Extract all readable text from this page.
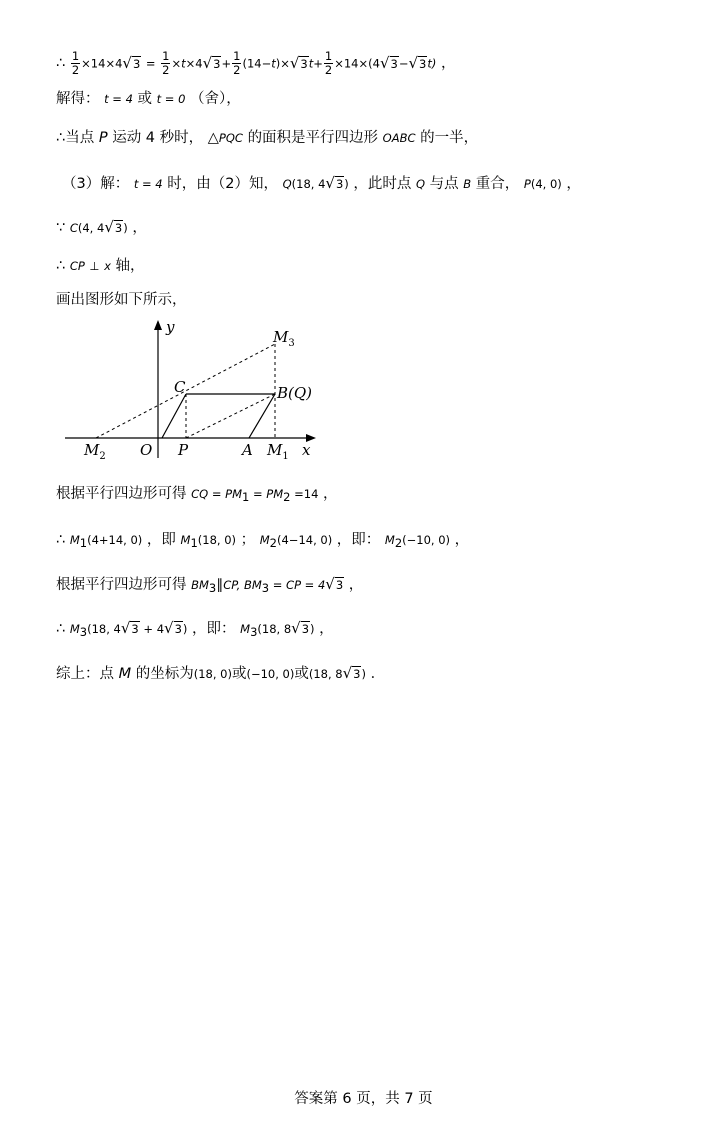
∴ $\frac{1}{2} \times 14\times 4√3 = \frac{1}{2} \times t\times 4√3+ \frac{1}{2} (14-t)\times√3t+ \frac{1}{2} \times 14\times(4√3-√3t)$ ，
解得： t = 4 或 t = 0 （舍），
∴当点 P 运动 4 秒时， △PQC 的面积是平行四边形 OABC 的一半，
（3）解： t = 4 时，由（2）知， Q(18, 4√3) ，此时点 Q 与点 B 重合， P(4, 0) ，
∵ C(4, 4√3) ，
∴ CP ⊥ x 轴，
画出图形如下所示，
y
x
O P	A $M_1$
$M_2$
$M_3$
C	B(Q)
根据平行四边形可得 CQ = $PM_1 = PM_2 =14$ ，
∴ $M_1(4+14$, 0) ，即 $M_1(18$, 0) ； $M_2(4-14$, 0) ，即： $M_2(-10$, 0) ，
根据平行四边形可得 $BM_3\parallel CP$, $BM_3$ = CP = 4√3 ，
∴ $M_3(18$, 4√3 + 4√3) ，即： $M_3(18$, 8√3) ，
综上：点 M 的坐标为(18, 0)或(−10, 0)或(18, 8√3) ．
答案第 6 页，共 7 页
